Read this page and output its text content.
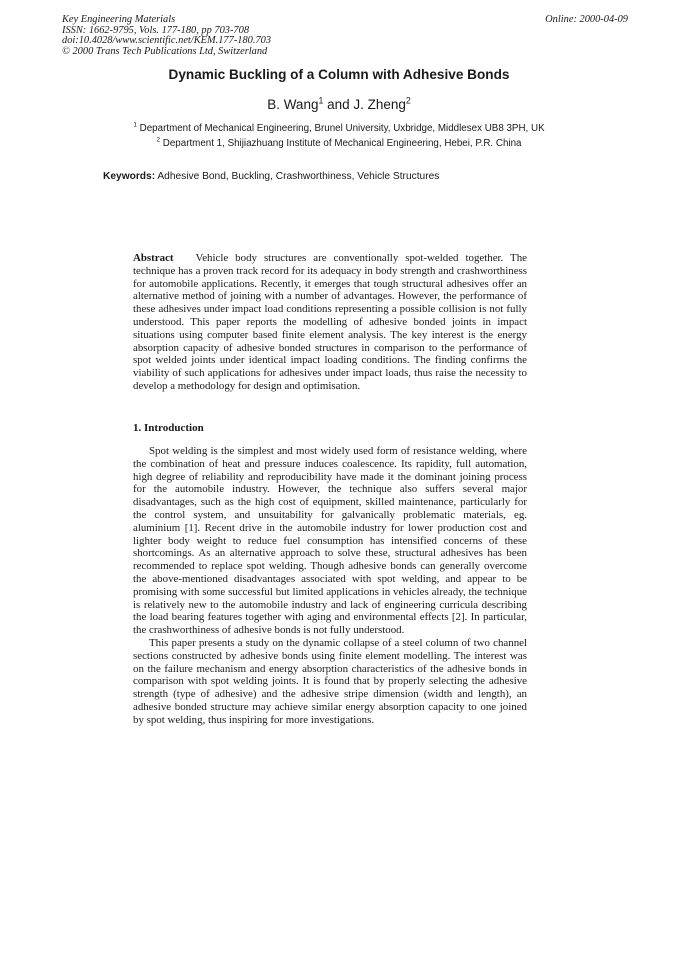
Key Engineering Materials
ISSN: 1662-9795, Vols. 177-180, pp 703-708
doi:10.4028/www.scientific.net/KEM.177-180.703
© 2000 Trans Tech Publications Ltd, Switzerland
Online: 2000-04-09
Dynamic Buckling of a Column with Adhesive Bonds
B. Wang$^1$ and J. Zheng$^2$
$^1$ Department of Mechanical Engineering, Brunel University, Uxbridge, Middlesex UB8 3PH, UK
$^2$ Department 1, Shijiazhuang Institute of Mechanical Engineering, Hebei, P.R. China
Keywords: Adhesive Bond, Buckling, Crashworthiness, Vehicle Structures
Abstract Vehicle body structures are conventionally spot-welded together. The technique has a proven track record for its adequacy in body strength and crashworthiness for automobile applications. Recently, it emerges that tough structural adhesives offer an alternative method of joining with a number of advantages. However, the performance of these adhesives under impact load conditions representing a possible collision is not fully understood. This paper reports the modelling of adhesive bonded joints in impact situations using computer based finite element analysis. The key interest is the energy absorption capacity of adhesive bonded structures in comparison to the performance of spot welded joints under identical impact loading conditions. The finding confirms the viability of such applications for adhesives under impact loads, thus raise the necessity to develop a methodology for design and optimisation.
1. Introduction

Spot welding is the simplest and most widely used form of resistance welding, where the combination of heat and pressure induces coalescence. Its rapidity, full automation, high degree of reliability and reproducibility have made it the dominant joining process for the automobile industry. However, the technique also suffers several major disadvantages, such as the high cost of equipment, skilled maintenance, particularly for the control system, and unsuitability for galvanically problematic materials, eg. aluminium [1]. Recent drive in the automobile industry for lower production cost and lighter body weight to reduce fuel consumption has intensified concerns of these shortcomings. As an alternative approach to solve these, structural adhesives has been recommended to replace spot welding. Though adhesive bonds can generally overcome the above-mentioned disadvantages associated with spot welding, and appear to be promising with some successful but limited applications in vehicles already, the technique is relatively new to the automobile industry and lack of engineering curricula describing the load bearing features together with aging and environmental effects [2]. In particular, the crashworthiness of adhesive bonds is not fully understood.

This paper presents a study on the dynamic collapse of a steel column of two channel sections constructed by adhesive bonds using finite element modelling. The interest was on the failure mechanism and energy absorption characteristics of the adhesive bonds in comparison with spot welding joints. It is found that by properly selecting the adhesive strength (type of adhesive) and the adhesive stripe dimension (width and length), an adhesive bonded structure may achieve similar energy absorption capacity to one joined by spot welding, thus inspiring for more investigations.
